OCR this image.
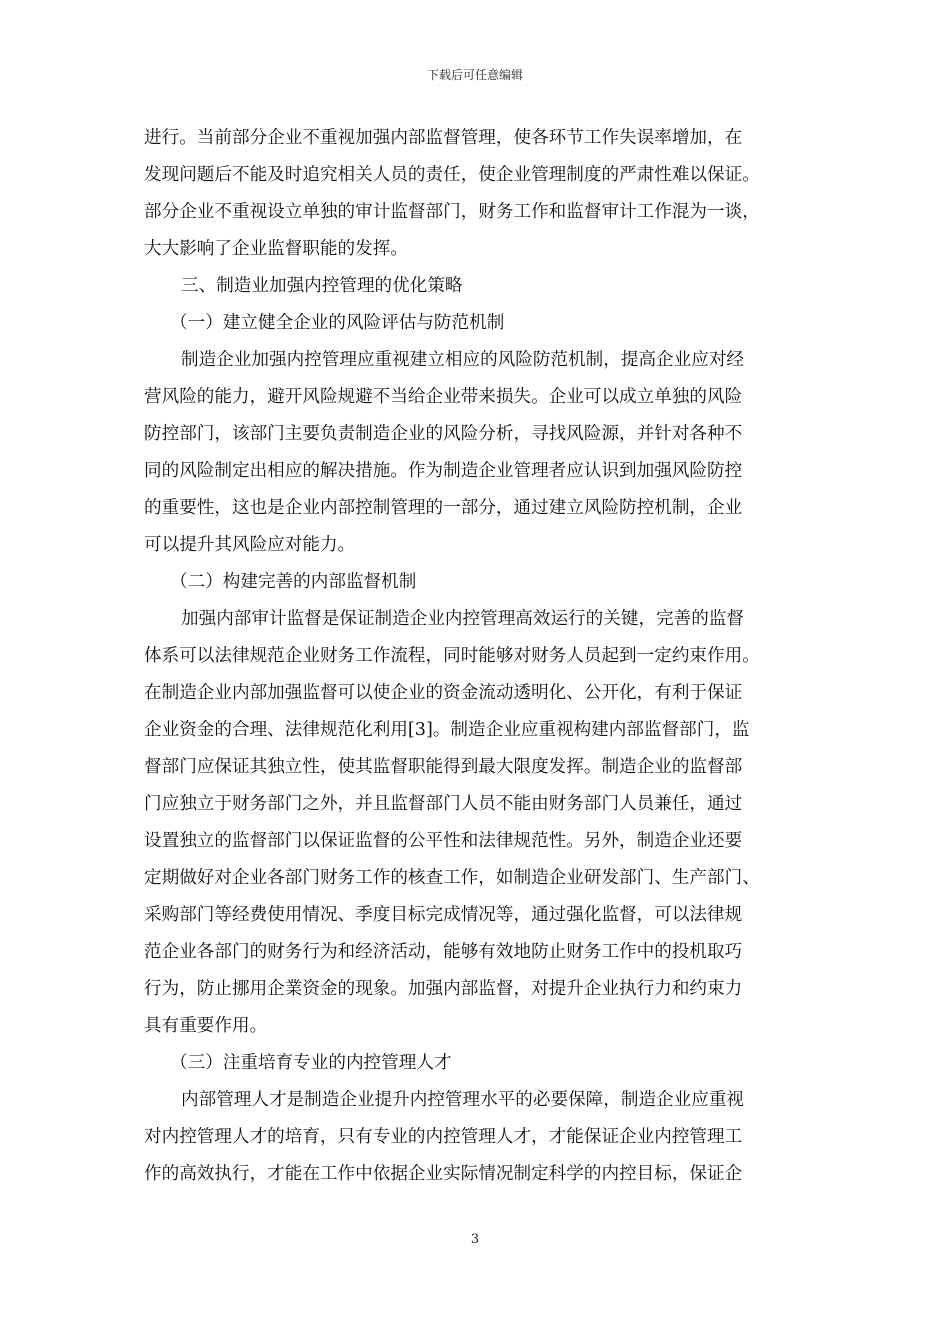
下载后可任意编辑
进行。当前部分企业不重视加强内部监督管理，使各环节工作失误率增加，在
发现问题后不能及时追究相关人员的责任，使企业管理制度的严肃性难以保证。
部分企业不重视设立单独的审计监督部门，财务工作和监督审计工作混为一谈，
大大影响了企业监督职能的发挥。
三、制造业加强内控管理的优化策略
（一）建立健全企业的风险评估与防范机制
制造企业加强内控管理应重视建立相应的风险防范机制，提高企业应对经
营风险的能力，避开风险规避不当给企业带来损失。企业可以成立单独的风险
防控部门，该部门主要负责制造企业的风险分析，寻找风险源，并针对各种不
同的风险制定出相应的解决措施。作为制造企业管理者应认识到加强风险防控
的重要性，这也是企业内部控制管理的一部分，通过建立风险防控机制，企业
可以提升其风险应对能力。
（二）构建完善的内部监督机制
加强内部审计监督是保证制造企业内控管理高效运行的关键，完善的监督
体系可以法律规范企业财务工作流程，同时能够对财务人员起到一定约束作用。
在制造企业内部加强监督可以使企业的资金流动透明化、公开化，有利于保证
企业资金的合理、法律规范化利用[3]。制造企业应重视构建内部监督部门，监
督部门应保证其独立性，使其监督职能得到最大限度发挥。制造企业的监督部
门应独立于财务部门之外，并且监督部门人员不能由财务部门人员兼任，通过
设置独立的监督部门以保证监督的公平性和法律规范性。另外，制造企业还要
定期做好对企业各部门财务工作的核查工作，如制造企业研发部门、生产部门、
采购部门等经费使用情况、季度目标完成情况等，通过强化监督，可以法律规
范企业各部门的财务行为和经济活动，能够有效地防止财务工作中的投机取巧
行为，防止挪用企業资金的现象。加强内部监督，对提升企业执行力和约束力
具有重要作用。
（三）注重培育专业的内控管理人才
内部管理人才是制造企业提升内控管理水平的必要保障，制造企业应重视
对内控管理人才的培育，只有专业的内控管理人才，才能保证企业内控管理工
作的高效执行，才能在工作中依据企业实际情况制定科学的内控目标，保证企
3
